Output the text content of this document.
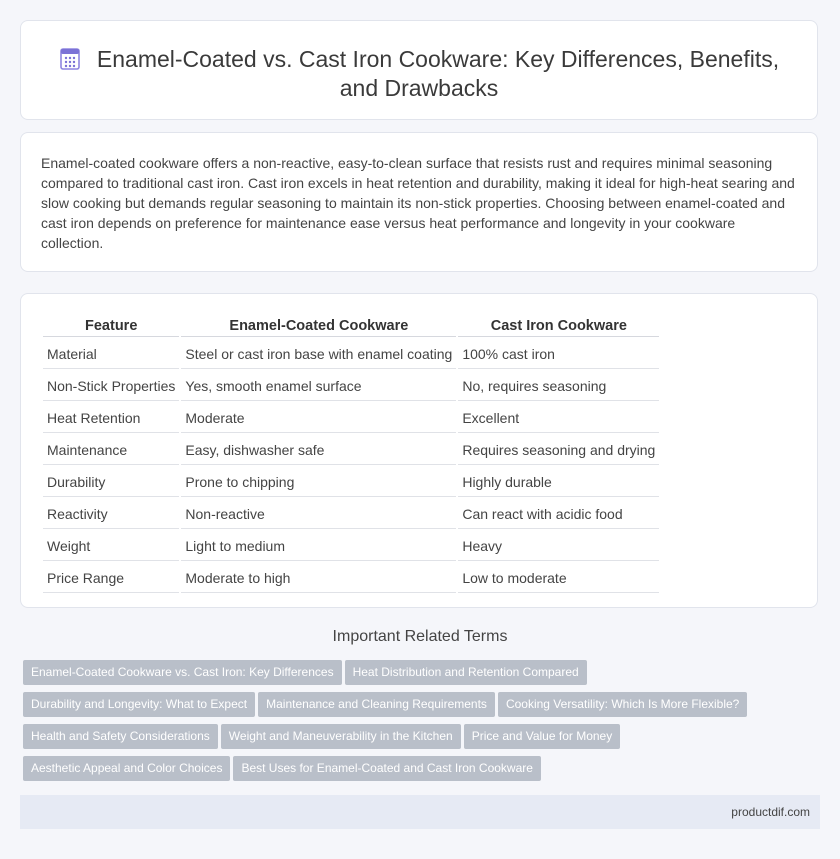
Enamel-Coated vs. Cast Iron Cookware: Key Differences, Benefits, and Drawbacks

Enamel-coated cookware offers a non-reactive, easy-to-clean surface that resists rust and requires minimal seasoning compared to traditional cast iron. Cast iron excels in heat retention and durability, making it ideal for high-heat searing and slow cooking but demands regular seasoning to maintain its non-stick properties. Choosing between enamel-coated and cast iron depends on preference for maintenance ease versus heat performance and longevity in your cookware collection.

Feature	Enamel-Coated Cookware	Cast Iron Cookware
Material	Steel or cast iron base with enamel coating	100% cast iron
Non-Stick Properties	Yes, smooth enamel surface	No, requires seasoning
Heat Retention	Moderate	Excellent
Maintenance	Easy, dishwasher safe	Requires seasoning and drying
Durability	Prone to chipping	Highly durable
Reactivity	Non-reactive	Can react with acidic food
Weight	Light to medium	Heavy
Price Range	Moderate to high	Low to moderate
Important Related Terms
Enamel-Coated Cookware vs. Cast Iron: Key Differences Heat Distribution and Retention Compared
Durability and Longevity: What to Expect Maintenance and Cleaning Requirements Cooking Versatility: Which Is More Flexible?
Health and Safety Considerations Weight and Maneuverability in the Kitchen Price and Value for Money
Aesthetic Appeal and Color Choices Best Uses for Enamel-Coated and Cast Iron Cookware
productdif.com
